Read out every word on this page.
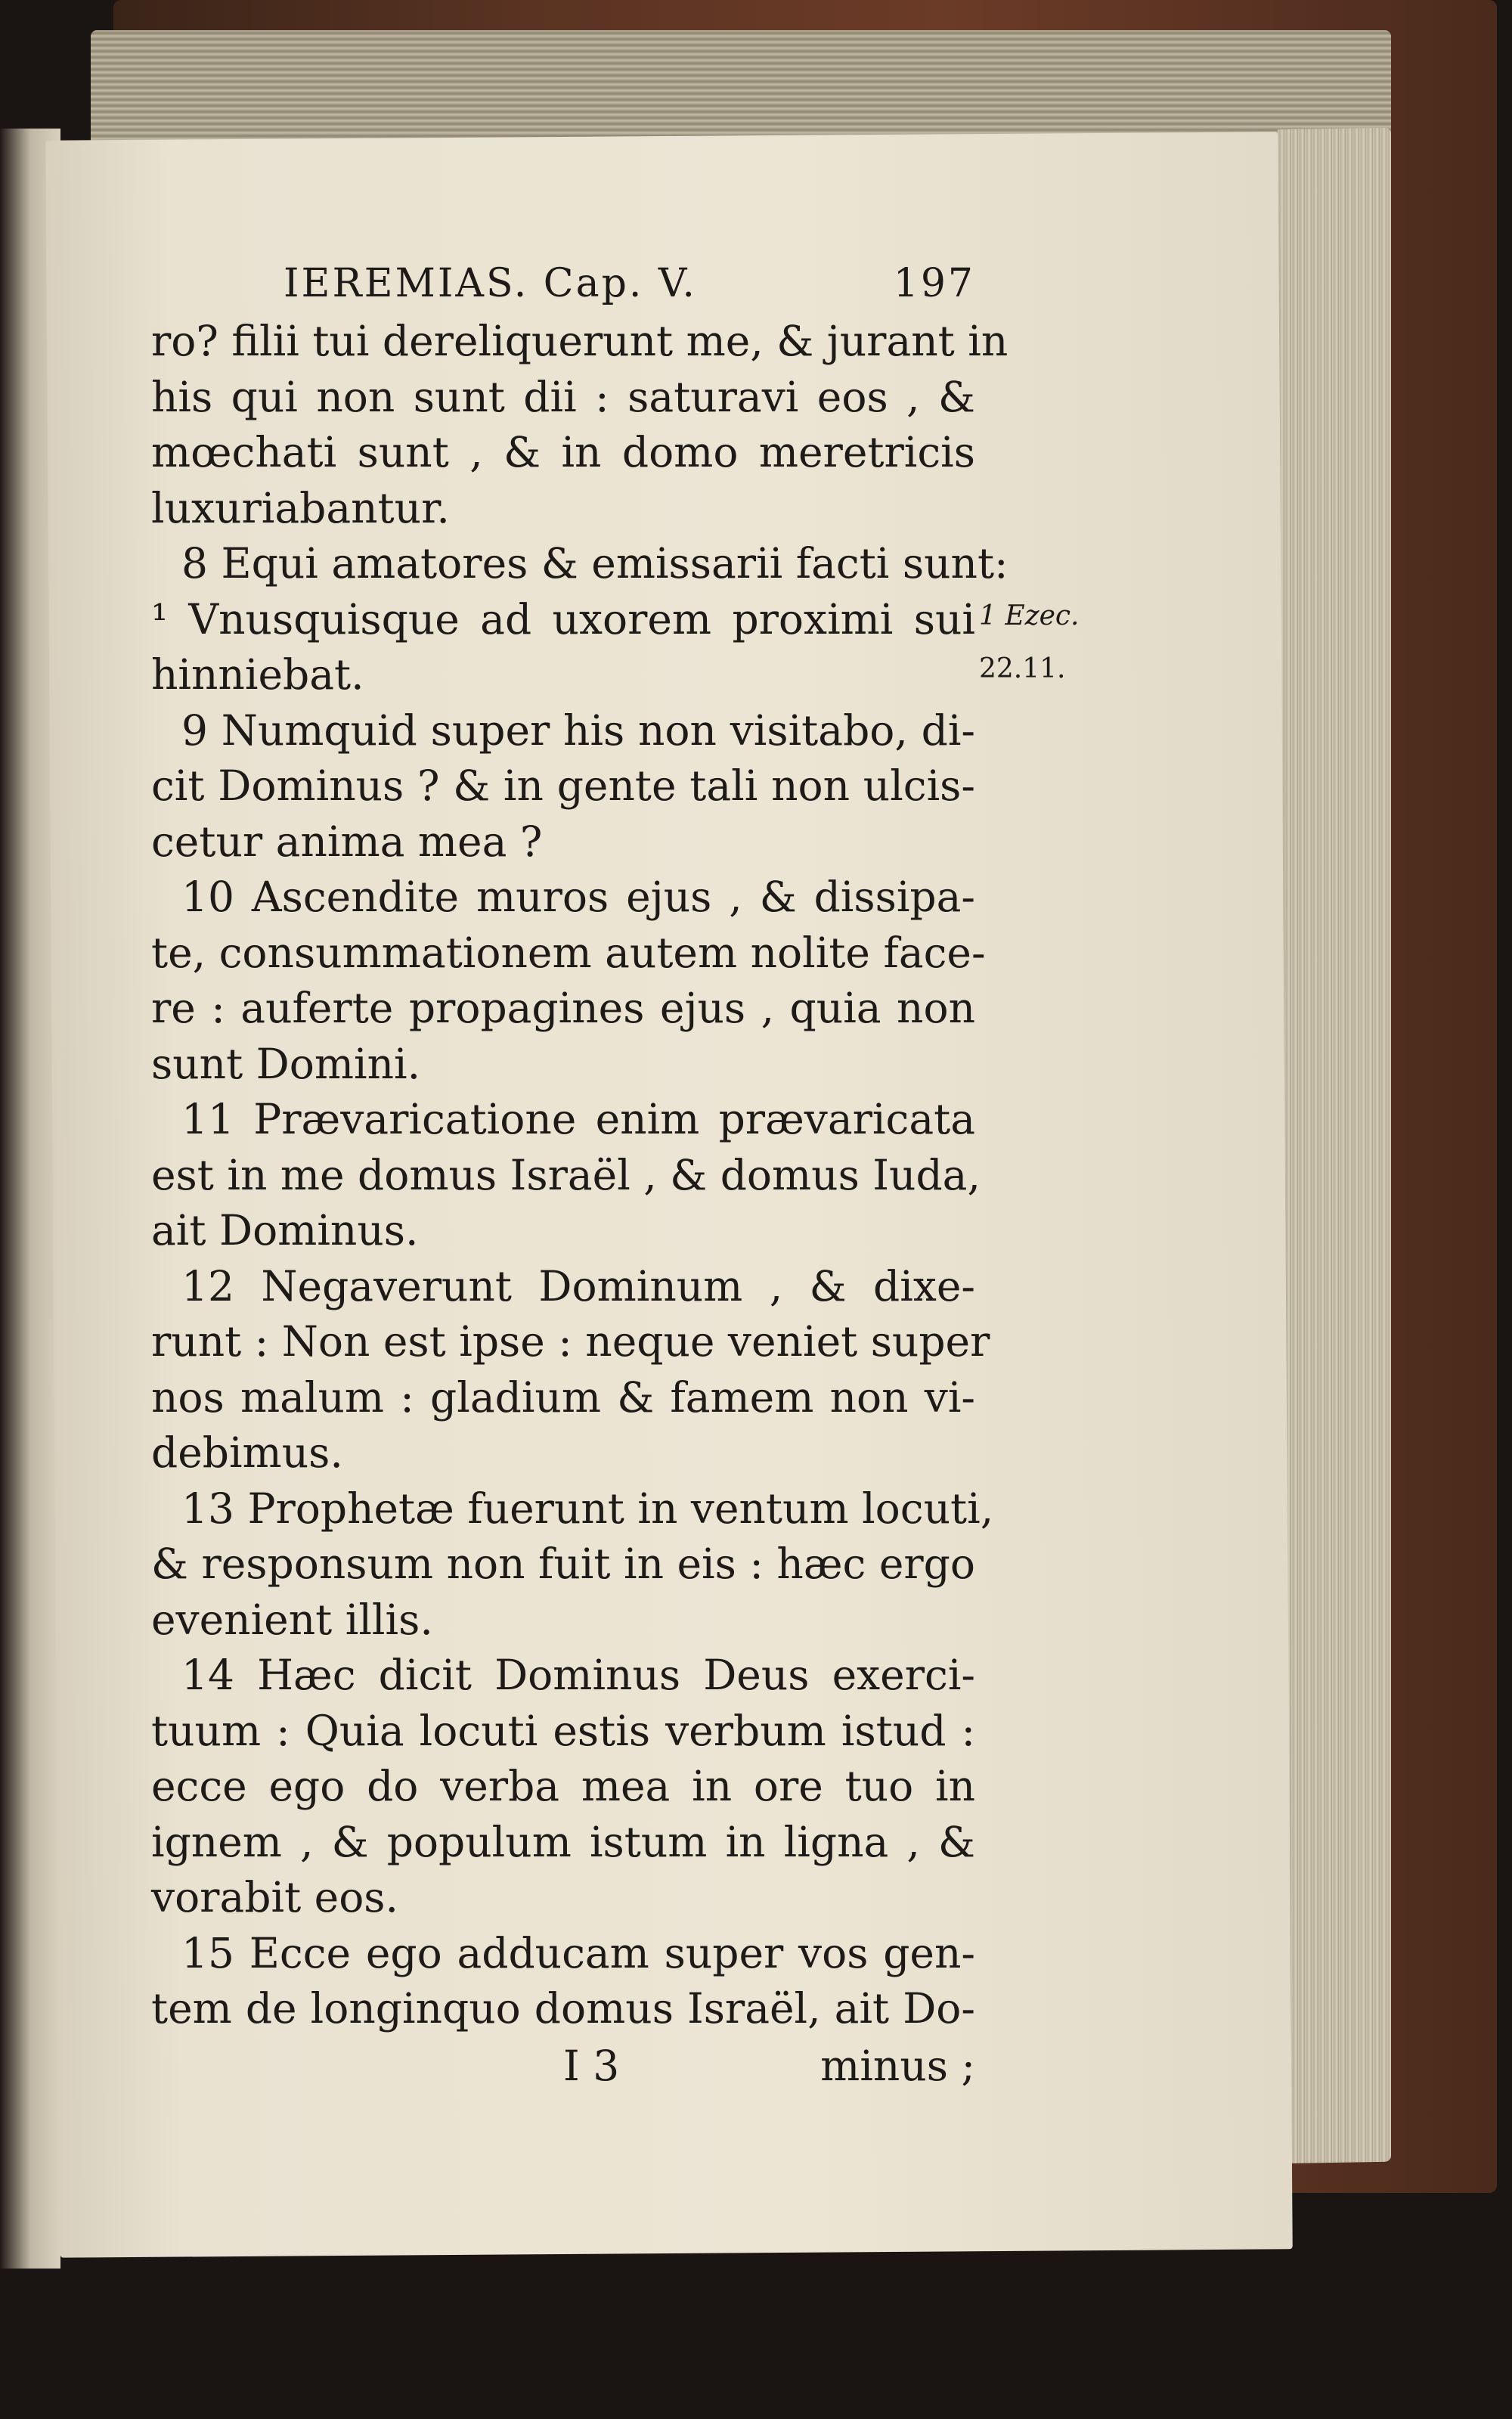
IEREMIAS. Cap. V.	197
ro? filii tui dereliquerunt me, & jurant in
his qui non sunt dii : saturavi eos , &
mœchati sunt , & in domo meretricis
luxuriabantur.
8 Equi amatores & emissarii facti sunt:
¹ Vnusquisque ad uxorem proximi sui
hinniebat.
9 Numquid super his non visitabo, di-
cit Dominus ? & in gente tali non ulcis-
cetur anima mea ?
10 Ascendite muros ejus , & dissipa-
te, consummationem autem nolite face-
re : auferte propagines ejus , quia non
sunt Domini.
11 Prævaricatione enim prævaricata
est in me domus Israël , & domus Iuda,
ait Dominus.
12 Negaverunt Dominum , & dixe-
runt : Non est ipse : neque veniet super
nos malum : gladium & famem non vi-
debimus.
13 Prophetæ fuerunt in ventum locuti,
& responsum non fuit in eis : hæc ergo
evenient illis.
14 Hæc dicit Dominus Deus exerci-
tuum : Quia locuti estis verbum istud :
ecce ego do verba mea in ore tuo in
ignem , & populum istum in ligna , &
vorabit eos.
15 Ecce ego adducam super vos gen-
tem de longinquo domus Israël, ait Do-
I 3	minus ;
1 Ezec.
22.11.
